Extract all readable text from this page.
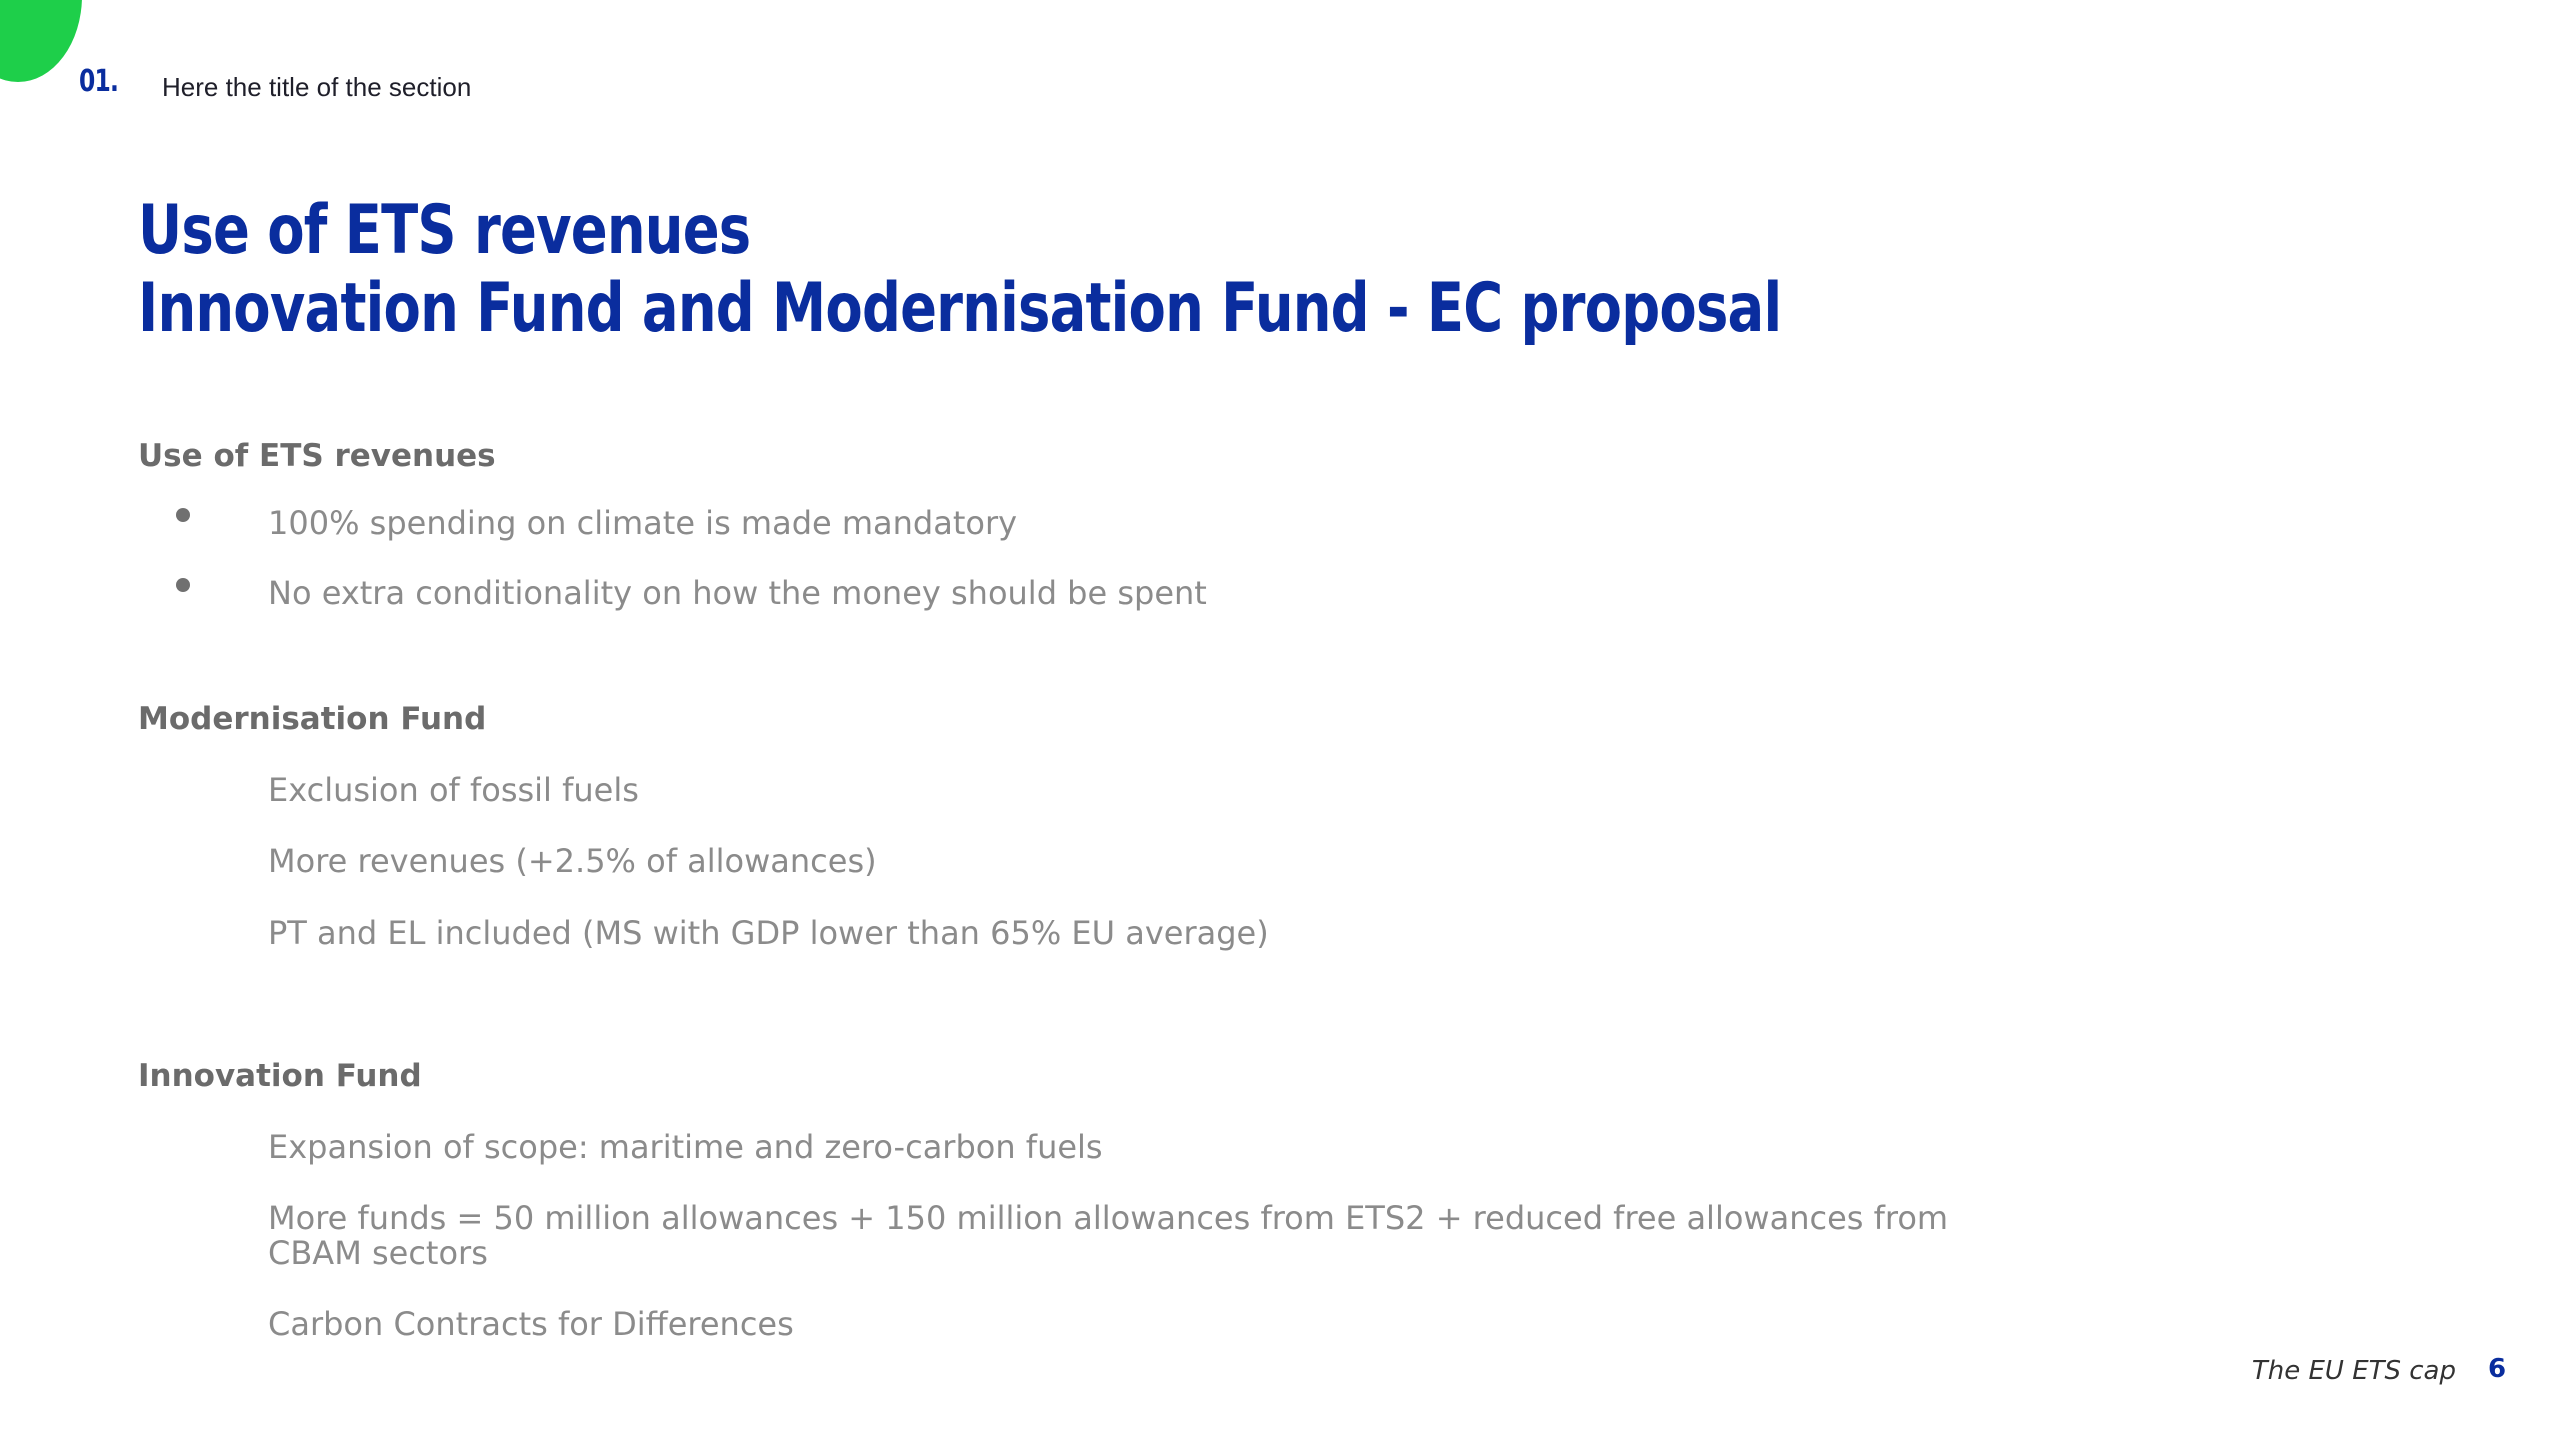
01. Here the title of the section
Use of ETS revenues
Innovation Fund and Modernisation Fund - EC proposal
Use of ETS revenues
100% spending on climate is made mandatory
No extra conditionality on how the money should be spent
Modernisation Fund
Exclusion of fossil fuels
More revenues (+2.5% of allowances)
PT and EL included (MS with GDP lower than 65% EU average)
Innovation Fund
Expansion of scope: maritime and zero-carbon fuels
More funds = 50 million allowances + 150 million allowances from ETS2 + reduced free allowances from
CBAM sectors
Carbon Contracts for Differences
The EU ETS cap 6
